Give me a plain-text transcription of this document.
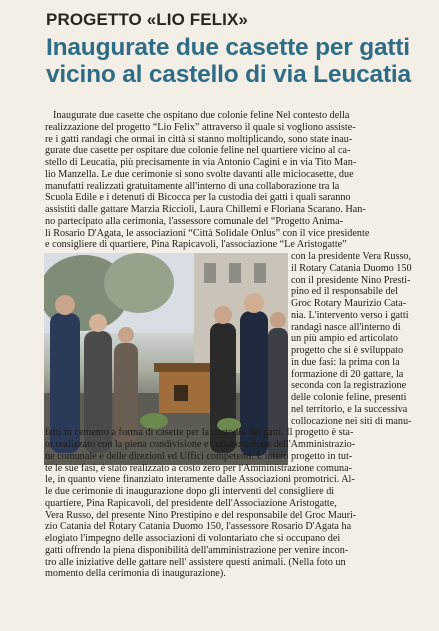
PROGETTO «LIO FELIX»
Inaugurate due casette per gatti
vicino al castello di via Leucatia

Inaugurate due casette che ospitano due colonie feline Nel contesto della

realizzazione del progetto “Lio Felix” attraverso il quale si vogliono assiste-

re i gatti randagi che ormai in città si stanno moltiplicando, sono state inau-

gurate due casette per ospitare due colonie feline nel quartiere vicino al ca-

stello di Leucatia, più precisamente in via Antonio Cagini e in via Tito Man-

lio Manzella. Le due cerimonie si sono svolte davanti alle miciocasette, due

manufatti realizzati gratuitamente all'interno di una collaborazione tra la

Scuola Edile e i detenuti di Bicocca per la custodia dei gatti i quali saranno

assistiti dalle gattare Marzia Riccioli, Laura Chillemi e Floriana Scarano. Han-

no partecipato alla cerimonia, l'assessore comunale del “Progetto Anima-

li Rosario D'Agata, le associazioni “Città Solidale Onlus” con il vice presidente

e consigliere di quartiere, Pina Rapicavoli, l'associazione “Le Aristogatte”

con la presidente Vera Russo,

il Rotary Catania Duomo 150

con il presidente Nino Presti-

pino ed il responsabile del

Groc Rotary Maurizio Cata-

nia. L'intervento verso i gatti

randagi nasce all'interno di

un più ampio ed articolato

progetto che si è sviluppato

in due fasi: la prima con la

formazione di 20 gattare, la

seconda con la registrazione

delle colonie feline, presenti

nel territorio, e la successiva

collocazione nei siti di manu-

fatti in cemento a forma di casette per la custodia dei gatti. Il progetto è sta-

to realizzato con la piena condivisione e collaborazione dell'Amministrazio-

ne comunale e delle direzioni ed Uffici competenti. L'intero progetto in tut-

te le sue fasi, è stato realizzato a costo zero per l'Amministrazione comuna-

le, in quanto viene finanziato interamente dalle Associazioni promotrici. Al-

le due cerimonie di inaugurazione dopo gli interventi del consigliere di

quartiere, Pina Rapicavoli, del presidente dell'Associazione Aristogatte,

Vera Russo, del presente Nino Prestipino e del responsabile del Groc Mauri-

zio Catania del Rotary Catania Duomo 150, l'assessore Rosario D'Agata ha

elogiato l'impegno delle associazioni di volontariato che si occupano dei

gatti offrendo la piena disponibilità dell'amministrazione per venire incon-

tro alle iniziative delle gattare nell' assistere questi animali. (Nella foto un

momento della cerimonia di inaugurazione).
